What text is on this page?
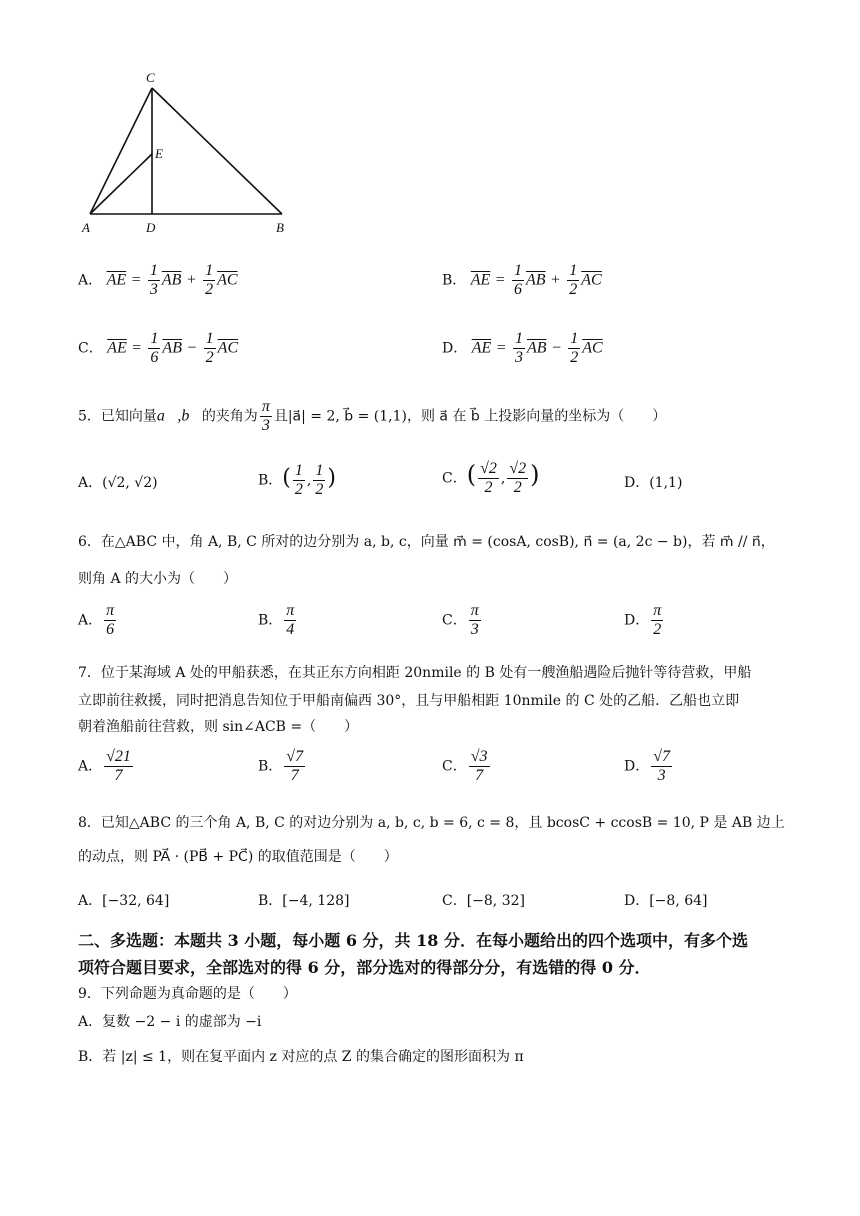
C
E
A	D	B
A． $\overline{AE} = \frac{1}{3} \overline{AB} + \frac{1}{2} \overline{AC}$	B． $\overline{AE} = \frac{1}{6} \overline{AB} + \frac{1}{2} \overline{AC}$
C． $\overline{AE} = \frac{1}{6} \overline{AB} - \frac{1}{2} \overline{AC}$	D． $\overline{AE} = \frac{1}{3} \overline{AB} - \frac{1}{2} \overline{AC}$
5．已知向量a⃗,b⃗的夹角为 $\frac{\pi}{3}$ 且|a⃗| = 2, b⃗ = (1,1)，则 a⃗ 在 b⃗ 上投影向量的坐标为（　　）
A．(√2, √2)	B．( $\frac{1}{2}$ , $\frac{1}{2}$ )	C．( $\frac{√2}{2}$ , $\frac{√2}{2}$ )	D．(1,1)
6．在△ABC 中，角 A, B, C 所对的边分别为 a, b, c，向量 m⃗ = (cosA, cosB), n⃗ = (a, 2c − b)，若 m⃗ // n⃗，
则角 A 的大小为（　　）
A． $\frac{\pi}{6}$	B． $\frac{\pi}{4}$	C． $\frac{\pi}{3}$	D． $\frac{\pi}{2}$
7．位于某海域 A 处的甲船获悉，在其正东方向相距 20nmile 的 B 处有一艘渔船遇险后抛针等待营救，甲船
立即前往救援，同时把消息告知位于甲船南偏西 30°，且与甲船相距 10nmile 的 C 处的乙船．乙船也立即
朝着渔船前往营救，则 sin∠ACB =（　　）
A． $\frac{√21}{7}$	B． $\frac{√7}{7}$	C． $\frac{√3}{7}$	D． $\frac{√7}{3}$
8．已知△ABC 的三个角 A, B, C 的对边分别为 a, b, c, b = 6, c = 8，且 bcosC + ccosB = 10, P 是 AB 边上
的动点，则 PA⃗ · (PB⃗ + PC⃗) 的取值范围是（　　）
A．[−32, 64]	B．[−4, 128]	C．[−8, 32]	D．[−8, 64]
二、多选题：本题共 3 小题，每小题 6 分，共 18 分．在每小题给出的四个选项中，有多个选
项符合题目要求，全部选对的得 6 分，部分选对的得部分分，有选错的得 0 分．
9．下列命题为真命题的是（　　）
A．复数 −2 − i 的虚部为 −i
B．若 |z| ≤ 1，则在复平面内 z 对应的点 Z 的集合确定的图形面积为 π
